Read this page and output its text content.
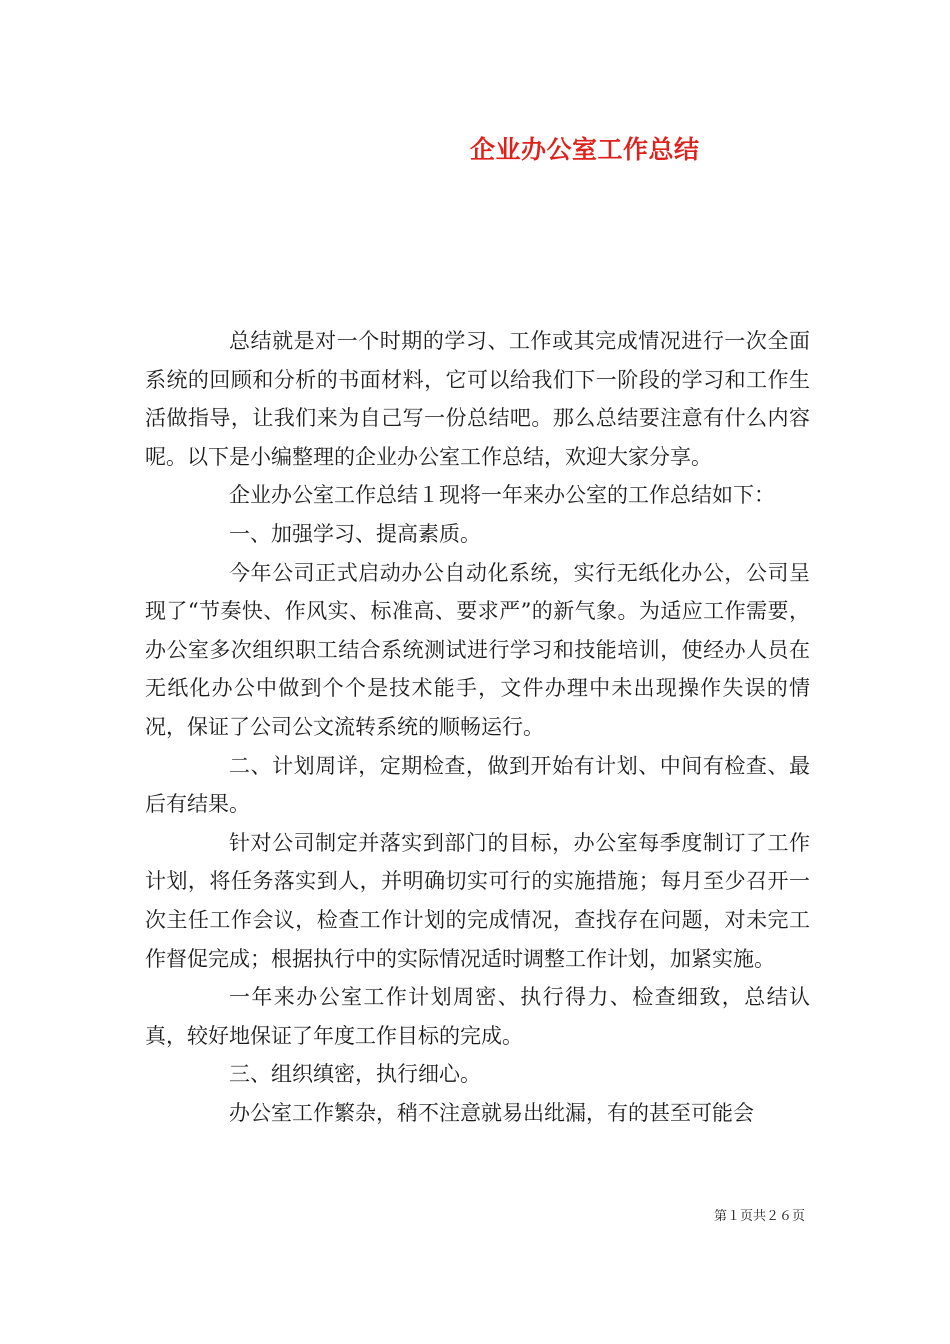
企业办公室工作总结

总结就是对一个时期的学习、工作或其完成情况进行一次全面系统的回顾和分析的书面材料，它可以给我们下一阶段的学习和工作生活做指导，让我们来为自己写一份总结吧。那么总结要注意有什么内容呢。以下是小编整理的企业办公室工作总结，欢迎大家分享。

企业办公室工作总结１现将一年来办公室的工作总结如下：

一、加强学习、提高素质。

今年公司正式启动办公自动化系统，实行无纸化办公，公司呈现了“节奏快、作风实、标准高、要求严”的新气象。为适应工作需要，办公室多次组织职工结合系统测试进行学习和技能培训，使经办人员在无纸化办公中做到个个是技术能手，文件办理中未出现操作失误的情况，保证了公司公文流转系统的顺畅运行。

二、计划周详，定期检查，做到开始有计划、中间有检查、最后有结果。

针对公司制定并落实到部门的目标，办公室每季度制订了工作计划，将任务落实到人，并明确切实可行的实施措施；每月至少召开一次主任工作会议，检查工作计划的完成情况，查找存在问题，对未完工作督促完成；根据执行中的实际情况适时调整工作计划，加紧实施。

一年来办公室工作计划周密、执行得力、检查细致，总结认真，较好地保证了年度工作目标的完成。

三、组织缜密，执行细心。

办公室工作繁杂，稍不注意就易出纰漏，有的甚至可能会

第１页共２６页
